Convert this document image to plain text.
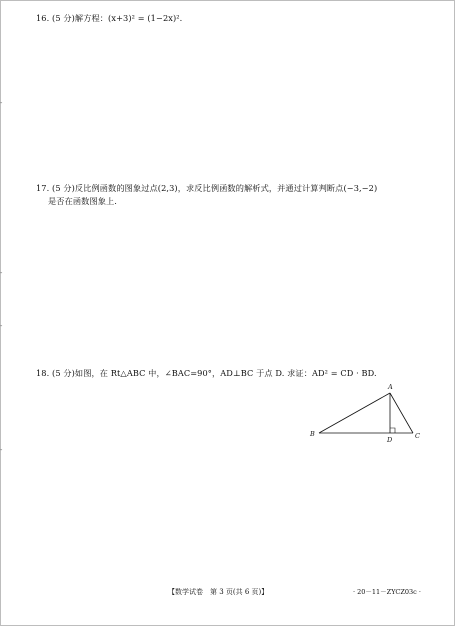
-
-
-
-
16. (5 分)解方程：(x+3)² = (1−2x)².
17. (5 分)反比例函数的图象过点(2,3)，求反比例函数的解析式，并通过计算判断点(−3,−2)
是否在函数图象上.
18. (5 分)如图，在 Rt△ABC 中，∠BAC=90°，AD⊥BC 于点 D. 求证：AD² = CD · BD.
A
B	C
D
【数学试卷　第 3 页(共 6 页)】	· 20－11－ZYCZ03c ·
